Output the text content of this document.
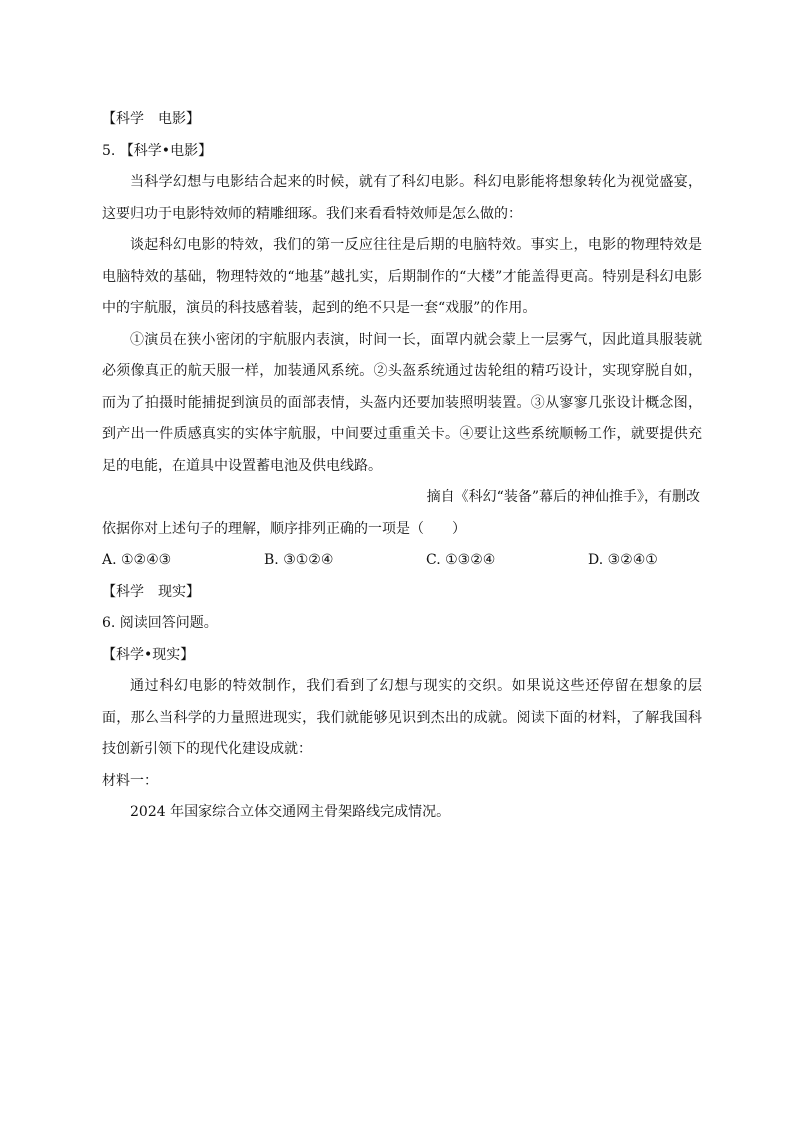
【科学　电影】
5. 【科学•电影】
当科学幻想与电影结合起来的时候，就有了科幻电影。科幻电影能将想象转化为视觉盛宴，这要归功于电影特效师的精雕细琢。我们来看看特效师是怎么做的：
谈起科幻电影的特效，我们的第一反应往往是后期的电脑特效。事实上，电影的物理特效是电脑特效的基础，物理特效的“地基”越扎实，后期制作的“大楼”才能盖得更高。特别是科幻电影中的宇航服，演员的科技感着装，起到的绝不只是一套“戏服”的作用。
①演员在狭小密闭的宇航服内表演，时间一长，面罩内就会蒙上一层雾气，因此道具服装就必须像真正的航天服一样，加装通风系统。②头盔系统通过齿轮组的精巧设计，实现穿脱自如，而为了拍摄时能捕捉到演员的面部表情，头盔内还要加装照明装置。③从寥寥几张设计概念图，到产出一件质感真实的实体宇航服，中间要过重重关卡。④要让这些系统顺畅工作，就要提供充足的电能，在道具中设置蓄电池及供电线路。
摘自《科幻“装备”幕后的神仙推手》，有删改
依据你对上述句子的理解，顺序排列正确的一项是（　　）
A. ①②④③	B. ③①②④	C. ①③②④	D. ③②④①
【科学　现实】
6. 阅读回答问题。
【科学•现实】
通过科幻电影的特效制作，我们看到了幻想与现实的交织。如果说这些还停留在想象的层面，那么当科学的力量照进现实，我们就能够见识到杰出的成就。阅读下面的材料，了解我国科技创新引领下的现代化建设成就：
材料一：
2024 年国家综合立体交通网主骨架路线完成情况。
